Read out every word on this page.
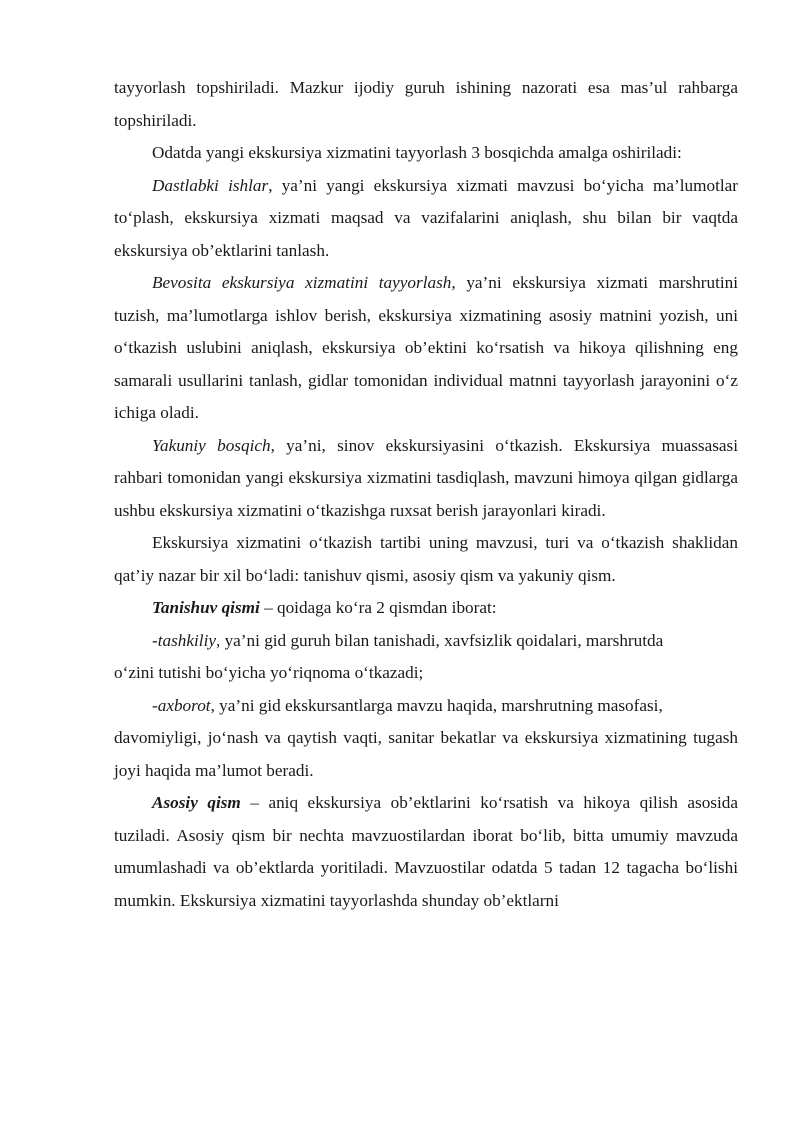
tayyorlash topshiriladi. Mazkur ijodiy guruh ishining nazorati esa mas’ul rahbarga topshiriladi.

Odatda yangi ekskursiya xizmatini tayyorlash 3 bosqichda amalga oshiriladi:

Dastlabki ishlar, ya’ni yangi ekskursiya xizmati mavzusi bo‘yicha ma’lumotlar to‘plash, ekskursiya xizmati maqsad va vazifalarini aniqlash, shu bilan bir vaqtda ekskursiya ob’ektlarini tanlash.

Bevosita ekskursiya xizmatini tayyorlash, ya’ni ekskursiya xizmati marshrutini tuzish, ma’lumotlarga ishlov berish, ekskursiya xizmatining asosiy matnini yozish, uni o‘tkazish uslubini aniqlash, ekskursiya ob’ektini ko‘rsatish va hikoya qilishning eng samarali usullarini tanlash, gidlar tomonidan individual matnni tayyorlash jarayonini o‘z ichiga oladi.

Yakuniy bosqich, ya’ni, sinov ekskursiyasini o‘tkazish. Ekskursiya muassasasi rahbari tomonidan yangi ekskursiya xizmatini tasdiqlash, mavzuni himoya qilgan gidlarga ushbu ekskursiya xizmatini o‘tkazishga ruxsat berish jarayonlari kiradi.

Ekskursiya xizmatini o‘tkazish tartibi uning mavzusi, turi va o‘tkazish shaklidan qat’iy nazar bir xil bo‘ladi: tanishuv qismi, asosiy qism va yakuniy qism.

Tanishuv qismi – qoidaga ko‘ra 2 qismdan iborat:

-tashkiliy, ya’ni gid guruh bilan tanishadi, xavfsizlik qoidalari, marshrutda

o‘zini tutishi bo‘yicha yo‘riqnoma o‘tkazadi;

-axborot, ya’ni gid ekskursantlarga mavzu haqida, marshrutning masofasi,

davomiyligi, jo‘nash va qaytish vaqti, sanitar bekatlar va ekskursiya xizmatining tugash joyi haqida ma’lumot beradi.

Asosiy qism – aniq ekskursiya ob’ektlarini ko‘rsatish va hikoya qilish asosida tuziladi. Asosiy qism bir nechta mavzuostilardan iborat bo‘lib, bitta umumiy mavzuda umumlashadi va ob’ektlarda yoritiladi. Mavzuostilar odatda 5 tadan 12 tagacha bo‘lishi mumkin. Ekskursiya xizmatini tayyorlashda shunday ob’ektlarni
